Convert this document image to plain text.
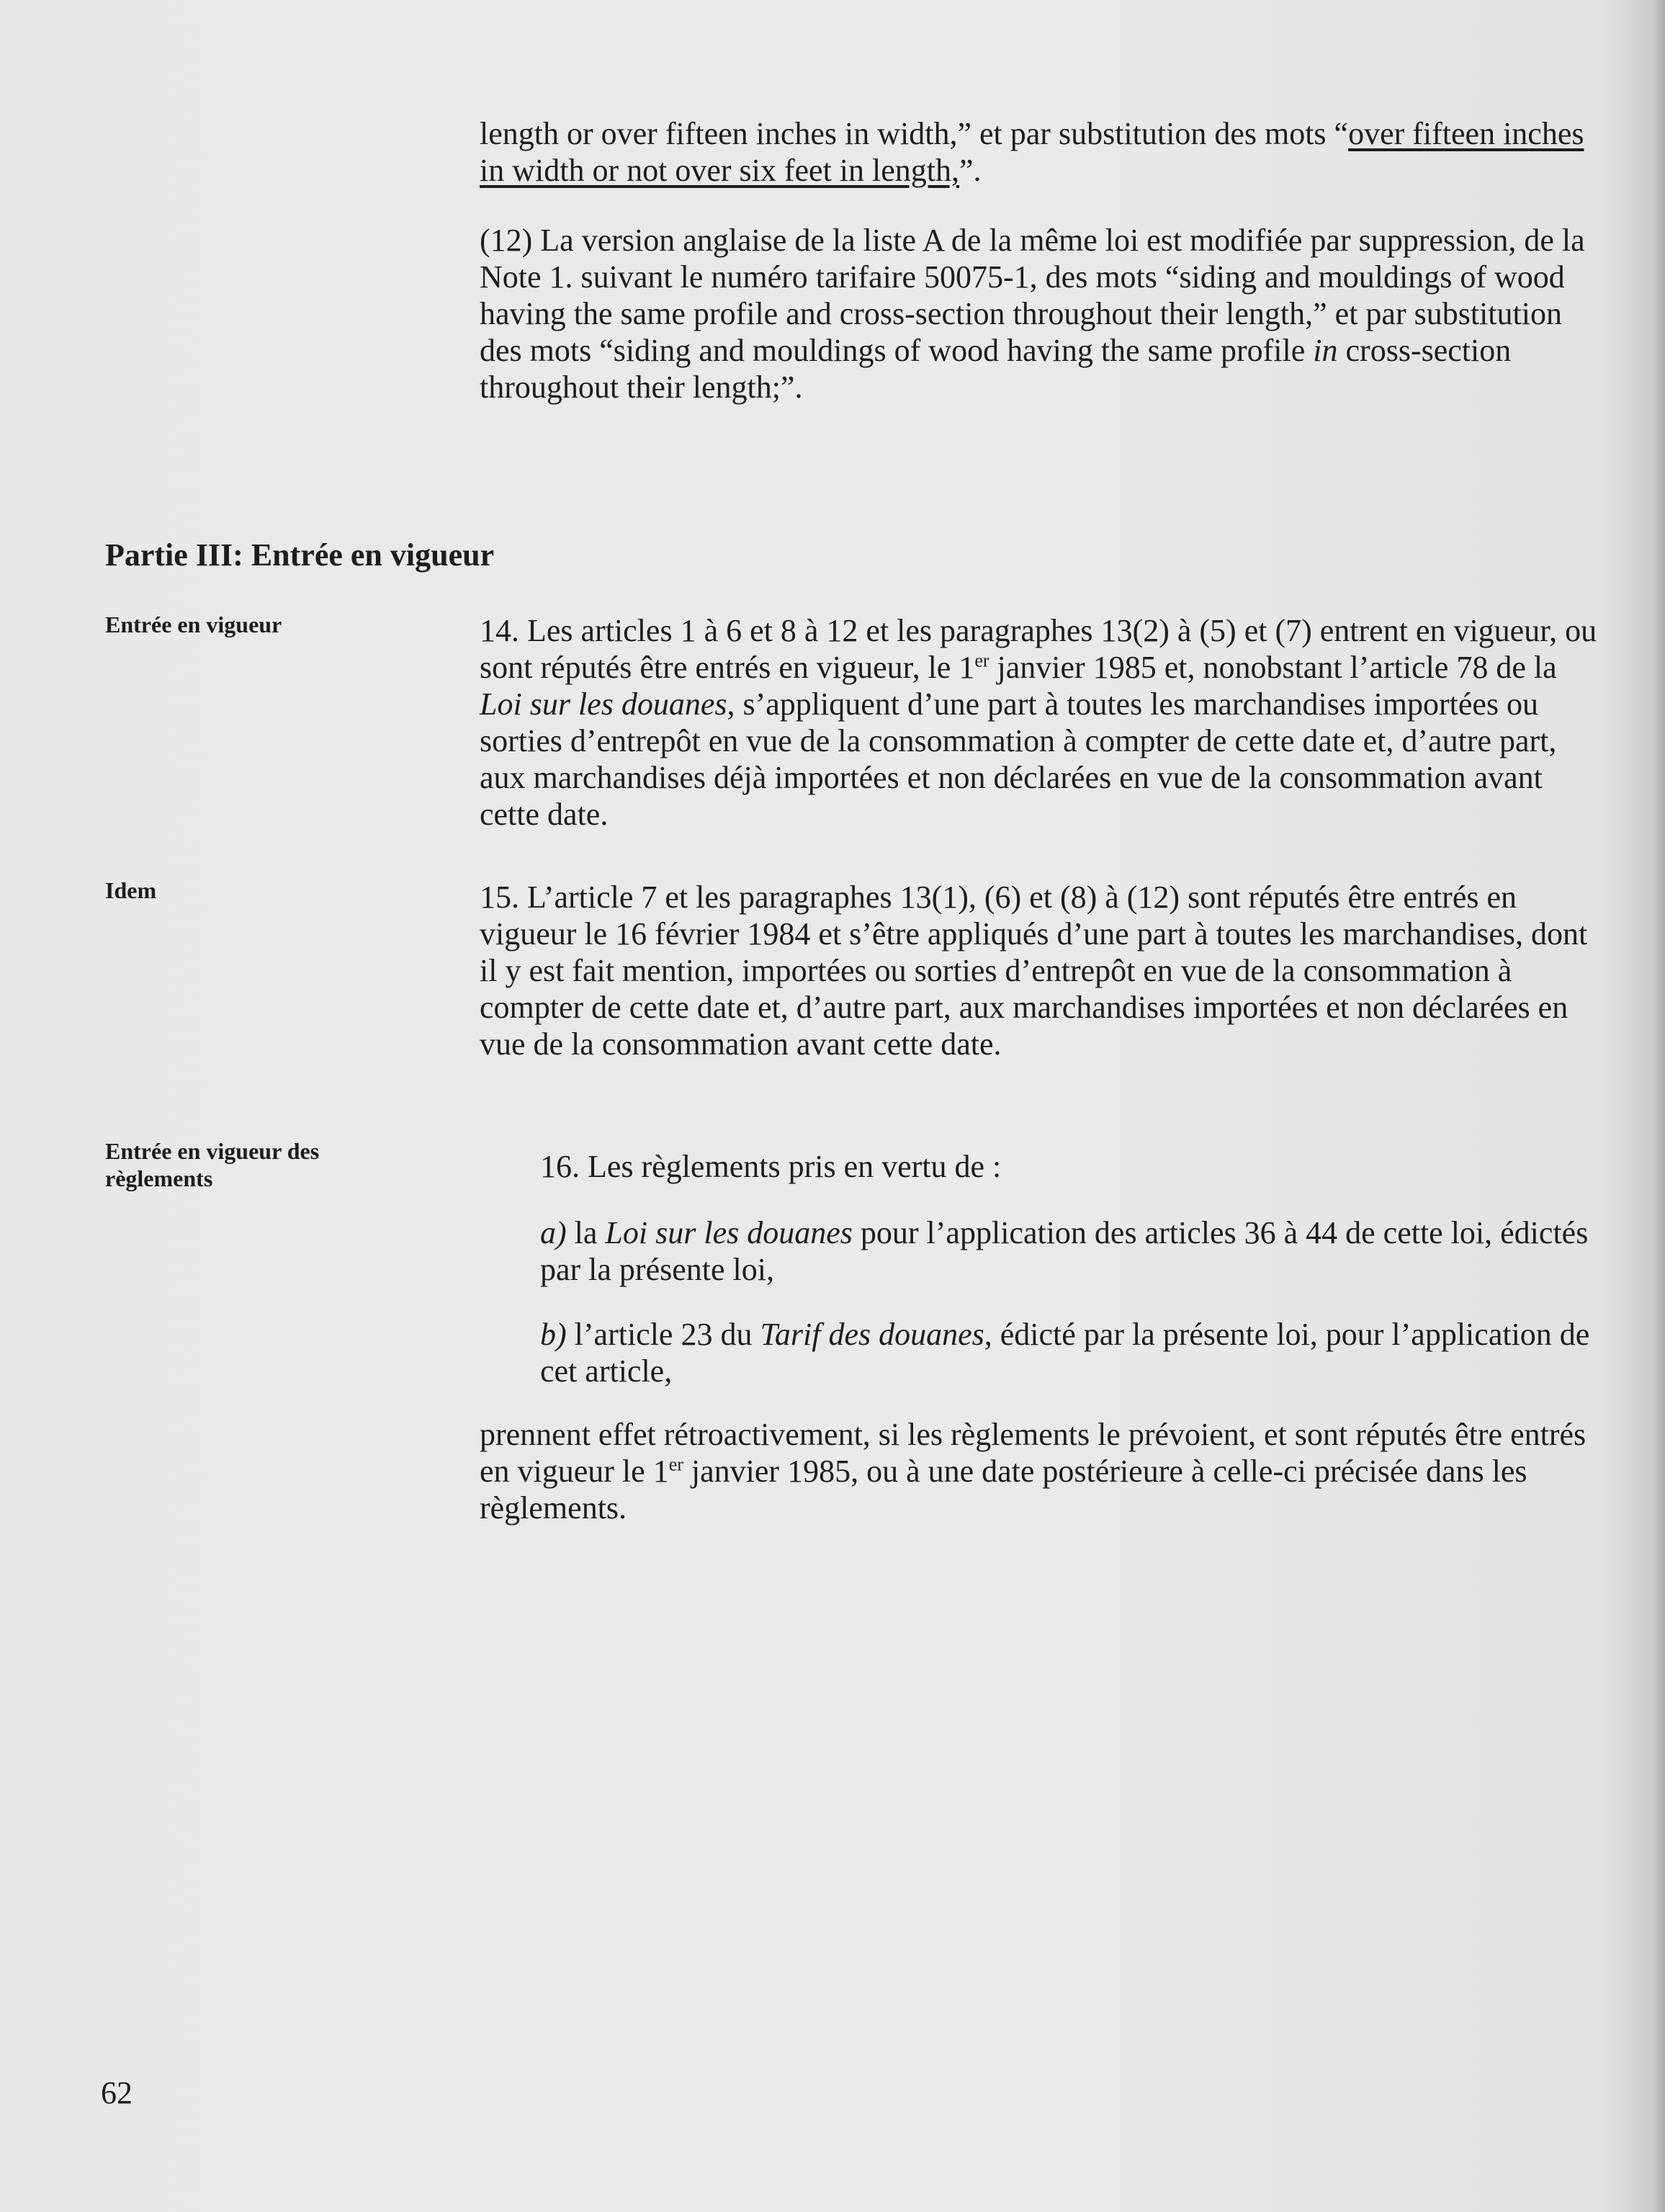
length or over fifteen inches in width,” et par substitution des mots “over fifteen inches in width or not over six feet in length,”.

(12) La version anglaise de la liste A de la même loi est modifiée par suppression, de la Note 1. suivant le numéro tarifaire 50075-1, des mots “siding and mouldings of wood having the same profile and cross-section throughout their length,” et par substitution des mots “siding and mouldings of wood having the same profile in cross-section throughout their length;”.

Partie III: Entrée en vigueur
Entrée en vigueur	14. Les articles 1 à 6 et 8 à 12 et les paragraphes 13(2) à (5) et (7) entrent en vigueur, ou sont réputés être entrés en vigueur, le 1er janvier 1985 et, nonobstant l’article 78 de la Loi sur les douanes, s’appliquent d’une part à toutes les marchandises importées ou sorties d’entrepôt en vue de la consommation à compter de cette date et, d’autre part, aux marchandises déjà importées et non déclarées en vue de la consommation avant cette date.

Idem	15. L’article 7 et les paragraphes 13(1), (6) et (8) à (12) sont réputés être entrés en vigueur le 16 février 1984 et s’être appliqués d’une part à toutes les marchandises, dont il y est fait mention, importées ou sorties d’entrepôt en vue de la consommation à compter de cette date et, d’autre part, aux marchandises importées et non déclarées en vue de la consommation avant cette date.

Entrée en vigueur des règlements	16. Les règlements pris en vertu de :

a) la Loi sur les douanes pour l’application des articles 36 à 44 de cette loi, édictés par la présente loi,

b) l’article 23 du Tarif des douanes, édicté par la présente loi, pour l’application de cet article,

prennent effet rétroactivement, si les règlements le prévoient, et sont réputés être entrés en vigueur le 1er janvier 1985, ou à une date postérieure à celle-ci précisée dans les règlements.

62
